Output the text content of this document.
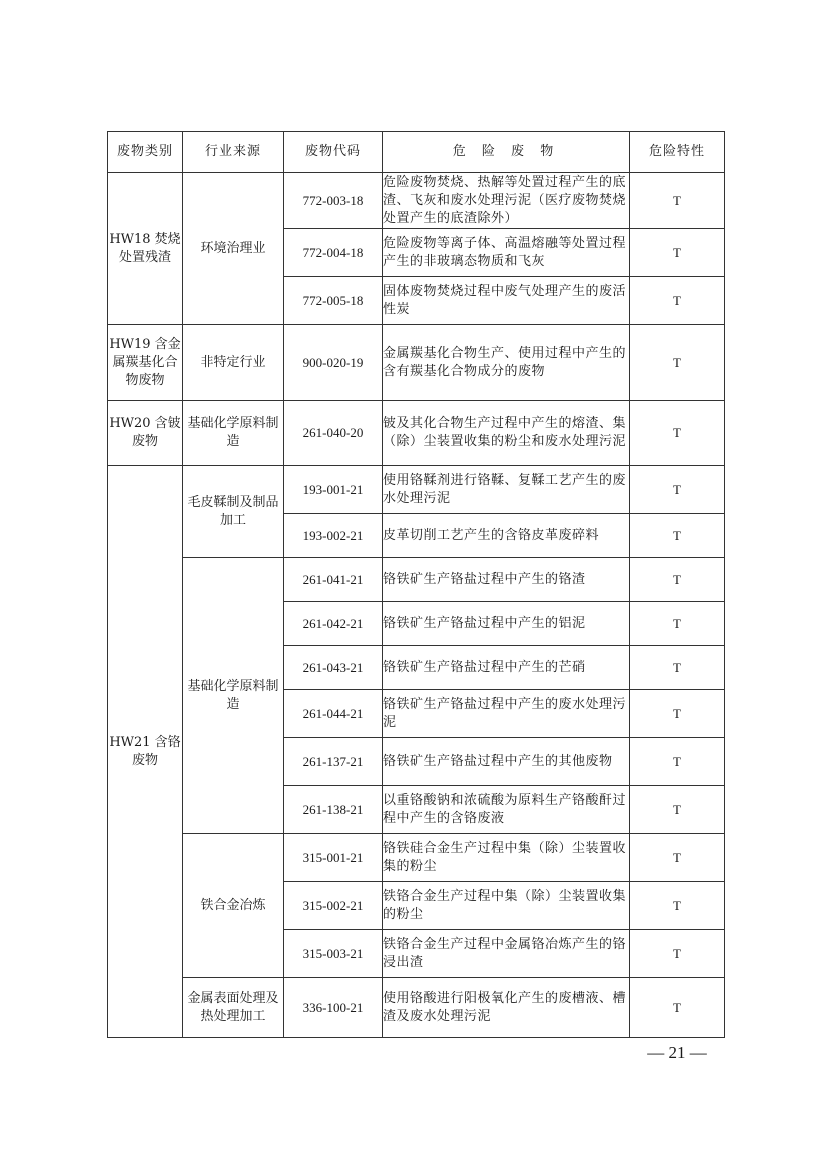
废物类别	行业来源	废物代码	危 险 废 物	危险特性
HW18 焚烧处置残渣	环境治理业	772-003-18	危险废物焚烧、热解等处置过程产生的底渣、飞灰和废水处理污泥（医疗废物焚烧处置产生的底渣除外）	T
		772-004-18	危险废物等离子体、高温熔融等处置过程产生的非玻璃态物质和飞灰	T
		772-005-18	固体废物焚烧过程中废气处理产生的废活性炭	T
HW19 含金属羰基化合物废物	非特定行业	900-020-19	金属羰基化合物生产、使用过程中产生的含有羰基化合物成分的废物	T
HW20 含铍废物	基础化学原料制造	261-040-20	铍及其化合物生产过程中产生的熔渣、集（除）尘装置收集的粉尘和废水处理污泥	T
HW21 含铬废物	毛皮鞣制及制品加工	193-001-21	使用铬鞣剂进行铬鞣、复鞣工艺产生的废水处理污泥	T
		193-002-21	皮革切削工艺产生的含铬皮革废碎料	T
	基础化学原料制造	261-041-21	铬铁矿生产铬盐过程中产生的铬渣	T
		261-042-21	铬铁矿生产铬盐过程中产生的铝泥	T
		261-043-21	铬铁矿生产铬盐过程中产生的芒硝	T
		261-044-21	铬铁矿生产铬盐过程中产生的废水处理污泥	T
		261-137-21	铬铁矿生产铬盐过程中产生的其他废物	T
		261-138-21	以重铬酸钠和浓硫酸为原料生产铬酸酐过程中产生的含铬废液	T
	铁合金冶炼	315-001-21	铬铁硅合金生产过程中集（除）尘装置收集的粉尘	T
		315-002-21	铁铬合金生产过程中集（除）尘装置收集的粉尘	T
		315-003-21	铁铬合金生产过程中金属铬冶炼产生的铬浸出渣	T
	金属表面处理及热处理加工	336-100-21	使用铬酸进行阳极氧化产生的废槽液、槽渣及废水处理污泥	T
— 21 —
